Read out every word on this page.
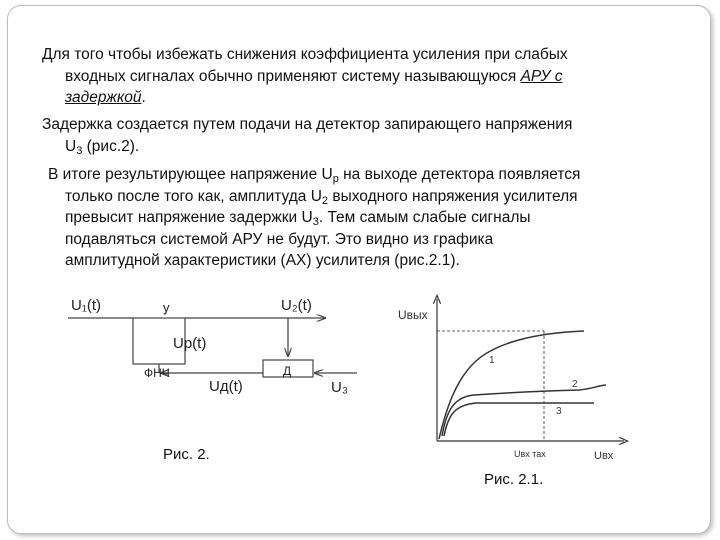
Для того чтобы избежать снижения коэффициента усиления при слабых
входных сигналах обычно применяют систему называющуюся АРУ с
задержкой.

Задержка создается путем подачи на детектор запирающего напряжения
$U_3$ (рис.2).

В итоге результирующее напряжение $U_р$ на выходе детектора появляется
только после того как, амплитуда $U_2$ выходного напряжения усилителя
превысит напряжение задержки $U_3$. Тем самым слабые сигналы
подавляться системой АРУ не будут. Это видно из графика
амплитудной характеристики (АХ) усилителя (рис.2.1).

U₁(t)	у	U₂(t)
Uр(t)
ФНЧ
Uд(t)
Д
U₃
Рис. 2.
Uвых
1
2
3
Uвх тах	Uвх
Рис. 2.1.
